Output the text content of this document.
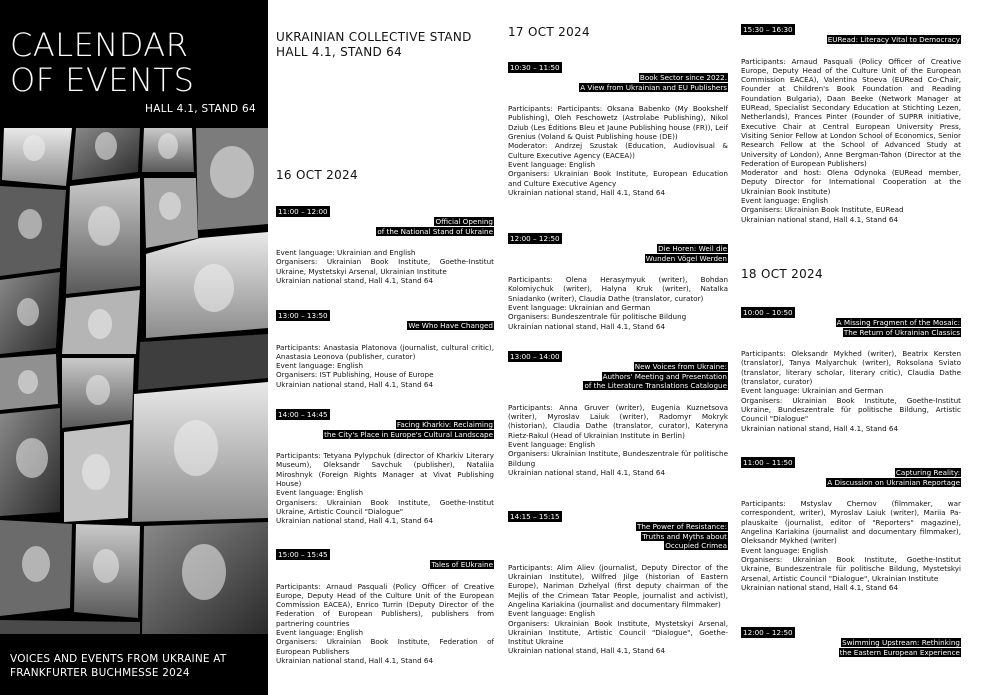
CALENDAR
OF EVENTS
HALL 4.1, STAND 64
VOICES AND EVENTS FROM UKRAINE AT
FRANKFURTER BUCHMESSE 2024
UKRAINIAN COLLECTIVE STAND
HALL 4.1, STAND 64
16 OCT 2024
11:00 – 12:00
Official Opening
of the National Stand of Ukraine

Event language: Ukrainian and English

Organisers: Ukrainian Book Institute, Goethe-Institut Ukraine, Mystetskyi Arsenal, Ukrainian Institute

Ukrainian national stand, Hall 4.1, Stand 64

13:00 – 13:50
We Who Have Changed

Participants: Anastasia Platonova (journalist, cultural critic), Anastasia Leonova (publisher, curator)

Event language: English

Organisers: IST Publishing, House of Europe

Ukrainian national stand, Hall 4.1, Stand 64

14:00 – 14:45
Facing Kharkiv: Reclaiming
the City's Place in Europe's Cultural Landscape

Participants: Tetyana Pylypchuk (director of Kharkiv Literary Museum), Oleksandr Savchuk (publisher), Nataliia Miroshnyk (Foreign Rights Manager at Vivat Publishing House)

Event language: English

Organisers: Ukrainian Book Institute, Goethe-Institut Ukraine, Artistic Council "Dialogue"

Ukrainian national stand, Hall 4.1, Stand 64

15:00 – 15:45
Tales of EUkraine

Participants: Arnaud Pasquali (Policy Officer of Creative Europe, Deputy Head of the Culture Unit of the European Commission EACEA), Enrico Turrin (Deputy Director of the Federation of European Publishers), publishers from partnering countries

Event language: English

Organisers: Ukrainian Book Institute, Federation of European Publishers

Ukrainian national stand, Hall 4.1, Stand 64

17 OCT 2024
10:30 – 11:50
Book Sector since 2022.
A View from Ukrainian and EU Publishers

Participants: Participants: Oksana Babenko (My Bookshelf Publishing), Oleh Feschowetz (Astrolabe Publishing), Nikol Dziub (Les Éditions Bleu et Jaune Publishing house (FR)), Leif Grenius (Voland & Quist Publishing house (DE))

Moderator: Andrzej Szustak (Education, Audiovisual & Culture Executive Agency (EACEA))

Event language: English

Organisers: Ukrainian Book Institute, European Education and Culture Executive Agency

Ukrainian national stand, Hall 4.1, Stand 64

12:00 – 12:50
Die Horen: Weil die
Wunden Vögel Werden

Participants: Olena Herasymyuk (writer), Bohdan Kolomiychuk (writer), Halyna Kruk (writer), Natalka Sniadanko (writer), Claudia Dathe (translator, curator)

Event language: Ukrainian and German

Organisers: Bundeszentrale für politische Bildung

Ukrainian national stand, Hall 4.1, Stand 64

13:00 – 14:00
New Voices from Ukraine:
Authors' Meeting and Presentation
of the Literature Translations Catalogue

Participants: Anna Gruver (writer), Eugenia Kuznetsova (writer), Myroslav Laiuk (writer), Radomyr Mokryk (historian), Claudia Dathe (translator, curator), Kateryna Rietz-Rakul (Head of Ukrainian Institute in Berlin)

Event language: English

Organisers: Ukrainian Institute, Bundeszentrale für politische Bildung

Ukrainian national stand, Hall 4.1, Stand 64

14:15 – 15:15
The Power of Resistance:
Truths and Myths about
Occupied Crimea

Participants: Alim Aliev (journalist, Deputy Director of the Ukrainian Institute), Wilfred Jilge (historian of Eastern Europe), Nariman Dzhelyal (first deputy chairman of the Mejlis of the Crimean Tatar People, journalist and activist), Angelina Kariakina (journalist and documentary filmmaker)

Event language: English

Organisers: Ukrainian Book Institute, Mystetskyi Arsenal, Ukrainian Institute, Artistic Council "Dialogue", Goethe-Institut Ukraine

Ukrainian national stand, Hall 4.1, Stand 64

15:30 – 16:30
EURead: Literacy Vital to Democracy

Participants: Arnaud Pasquali (Policy Officer of Creative Europe, Deputy Head of the Culture Unit of the European Commission EACEA), Valentina Stoeva (EURead Co-Chair, Founder at Children's Book Foundation and Reading Foundation Bulgaria), Daan Beeke (Network Manager at EURead, Specialist Secondary Education at Stichting Lezen, Netherlands), Frances Pinter (Founder of SUPRR initiative, Executive Chair at Central European University Press, Visiting Senior Fellow at London School of Economics, Senior Research Fellow at the School of Advanced Study at University of London), Anne Bergman-Tahon (Director at the Federation of European Publishers)

Moderator and host: Olena Odynoka (EURead member, Deputy Director for International Cooperation at the Ukrainian Book Institute)

Event language: English

Organisers: Ukrainian Book Institute, EURead

Ukrainian national stand, Hall 4.1, Stand 64

18 OCT 2024
10:00 – 10:50
A Missing Fragment of the Mosaic:
The Return of Ukrainian Classics

Participants: Oleksandr Mykhed (writer), Beatrix Kersten (translator), Tanya Malyarchuk (writer), Roksolana Sviato (translator, literary scholar, literary critic), Claudia Dathe (translator, curator)

Event language: Ukrainian and German

Organisers: Ukrainian Book Institute, Goethe-Institut Ukraine, Bundeszentrale für politische Bildung, Artistic Council "Dialogue"

Ukrainian national stand, Hall 4.1, Stand 64

11:00 – 11:50
Capturing Reality:
A Discussion on Ukrainian Reportage

Participants: Mstyslav Chernov (filmmaker, war correspondent, writer), Myroslav Laiuk (writer), Mariia Pa-plauskaite (journalist, editor of "Reporters" magazine), Angelina Kariakina (journalist and documentary filmmaker), Oleksandr Mykhed (writer)

Event language: English

Organisers: Ukrainian Book Institute, Goethe-Institut Ukraine, Bundeszentrale für politische Bildung, Mystetskyi Arsenal, Artistic Council "Dialogue", Ukrainian Institute

Ukrainian national stand, Hall 4.1, Stand 64

12:00 – 12:50
Swimming Upstream: Rethinking
the Eastern European Experience
